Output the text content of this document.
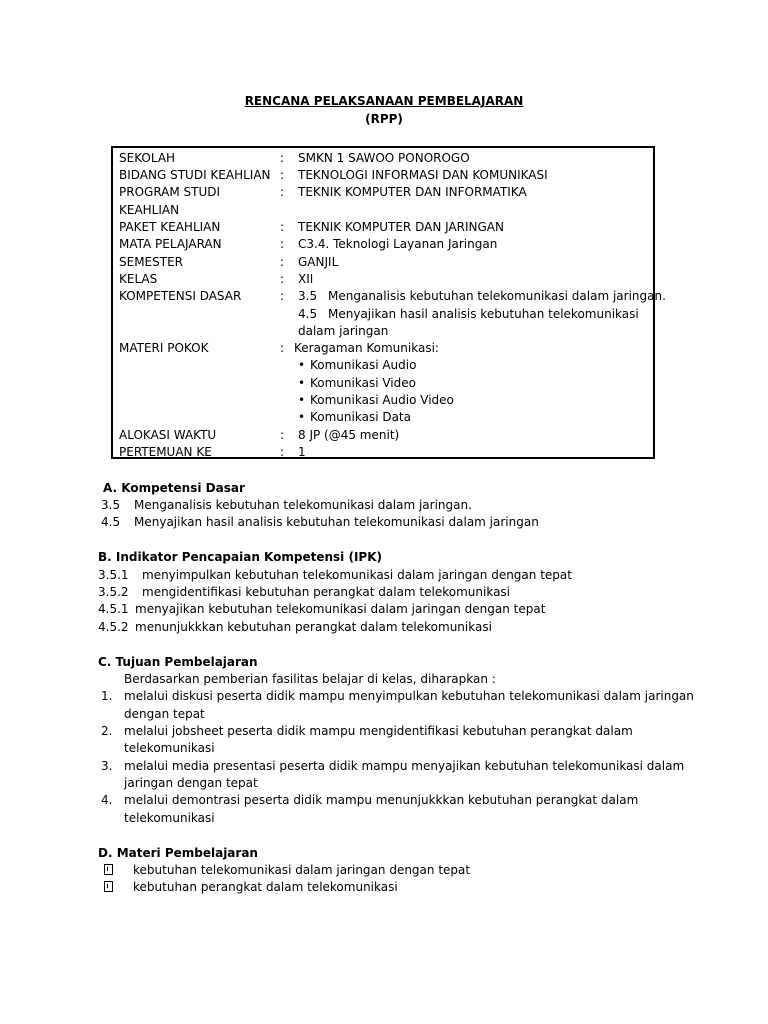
RENCANA PELAKSANAAN PEMBELAJARAN
(RPP)
SEKOLAH	: SMKN 1 SAWOO PONOROGO
BIDANG STUDI KEAHLIAN : TEKNOLOGI INFORMASI DAN KOMUNIKASI
PROGRAM STUDI	: TEKNIK KOMPUTER DAN INFORMATIKA
KEAHLIAN
PAKET KEAHLIAN	: TEKNIK KOMPUTER DAN JARINGAN
MATA PELAJARAN	: C3.4. Teknologi Layanan Jaringan
SEMESTER	: GANJIL
KELAS	: XII
KOMPETENSI DASAR	: 3.5 Menganalisis kebutuhan telekomunikasi dalam jaringan.
4.5 Menyajikan hasil analisis kebutuhan telekomunikasi
dalam jaringan
MATERI POKOK	: Keragaman Komunikasi:
• Komunikasi Audio
• Komunikasi Video
• Komunikasi Audio Video
• Komunikasi Data
ALOKASI WAKTU	: 8 JP (@45 menit)
PERTEMUAN KE	: 1
A. Kompetensi Dasar
3.5 Menganalisis kebutuhan telekomunikasi dalam jaringan.
4.5 Menyajikan hasil analisis kebutuhan telekomunikasi dalam jaringan
B. Indikator Pencapaian Kompetensi (IPK)
3.5.1 menyimpulkan kebutuhan telekomunikasi dalam jaringan dengan tepat
3.5.2 mengidentifikasi kebutuhan perangkat dalam telekomunikasi
4.5.1 menyajikan kebutuhan telekomunikasi dalam jaringan dengan tepat
4.5.2 menunjukkkan kebutuhan perangkat dalam telekomunikasi
C. Tujuan Pembelajaran
Berdasarkan pemberian fasilitas belajar di kelas, diharapkan :
1. melalui diskusi peserta didik mampu menyimpulkan kebutuhan telekomunikasi dalam jaringan
dengan tepat
2. melalui jobsheet peserta didik mampu mengidentifikasi kebutuhan perangkat dalam
telekomunikasi
3. melalui media presentasi peserta didik mampu menyajikan kebutuhan telekomunikasi dalam
jaringan dengan tepat
4. melalui demontrasi peserta didik mampu menunjukkkan kebutuhan perangkat dalam
telekomunikasi
D. Materi Pembelajaran
kebutuhan telekomunikasi dalam jaringan dengan tepat
kebutuhan perangkat dalam telekomunikasi
